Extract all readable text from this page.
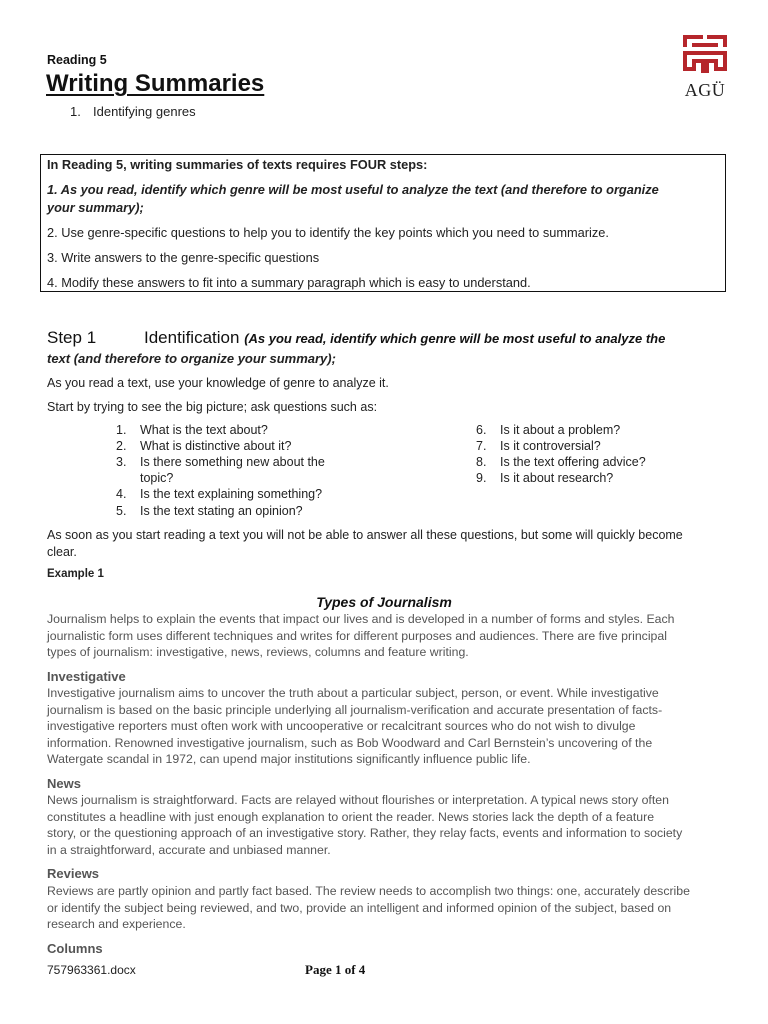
Reading 5
Writing Summaries
1. Identifying genres
AGÜ
In Reading 5, writing summaries of texts requires FOUR steps:
1. As you read, identify which genre will be most useful to analyze the text (and therefore to organize
your summary);
2. Use genre-specific questions to help you to identify the key points which you need to summarize.
3. Write answers to the genre-specific questions
4. Modify these answers to fit into a summary paragraph which is easy to understand.
Step 1	Identification (As you read, identify which genre will be most useful to analyze the
text (and therefore to organize your summary);
As you read a text, use your knowledge of genre to analyze it.
Start by trying to see the big picture; ask questions such as:
1. What is the text about?
2. What is distinctive about it?
3. Is there something new about the
topic?
4. Is the text explaining something?
5. Is the text stating an opinion?
6. Is it about a problem?
7. Is it controversial?
8. Is the text offering advice?
9. Is it about research?
As soon as you start reading a text you will not be able to answer all these questions, but some will quickly become
clear.
Example 1
Types of Journalism
Journalism helps to explain the events that impact our lives and is developed in a number of forms and styles. Each
journalistic form uses different techniques and writes for different purposes and audiences. There are five principal
types of journalism: investigative, news, reviews, columns and feature writing.
Investigative
Investigative journalism aims to uncover the truth about a particular subject, person, or event. While investigative
journalism is based on the basic principle underlying all journalism-verification and accurate presentation of facts-
investigative reporters must often work with uncooperative or recalcitrant sources who do not wish to divulge
information. Renowned investigative journalism, such as Bob Woodward and Carl Bernstein’s uncovering of the
Watergate scandal in 1972, can upend major institutions significantly influence public life.
News
News journalism is straightforward. Facts are relayed without flourishes or interpretation. A typical news story often
constitutes a headline with just enough explanation to orient the reader. News stories lack the depth of a feature
story, or the questioning approach of an investigative story. Rather, they relay facts, events and information to society
in a straightforward, accurate and unbiased manner.
Reviews
Reviews are partly opinion and partly fact based. The review needs to accomplish two things: one, accurately describe
or identify the subject being reviewed, and two, provide an intelligent and informed opinion of the subject, based on
research and experience.
Columns
757963361.docx	Page 1 of 4
